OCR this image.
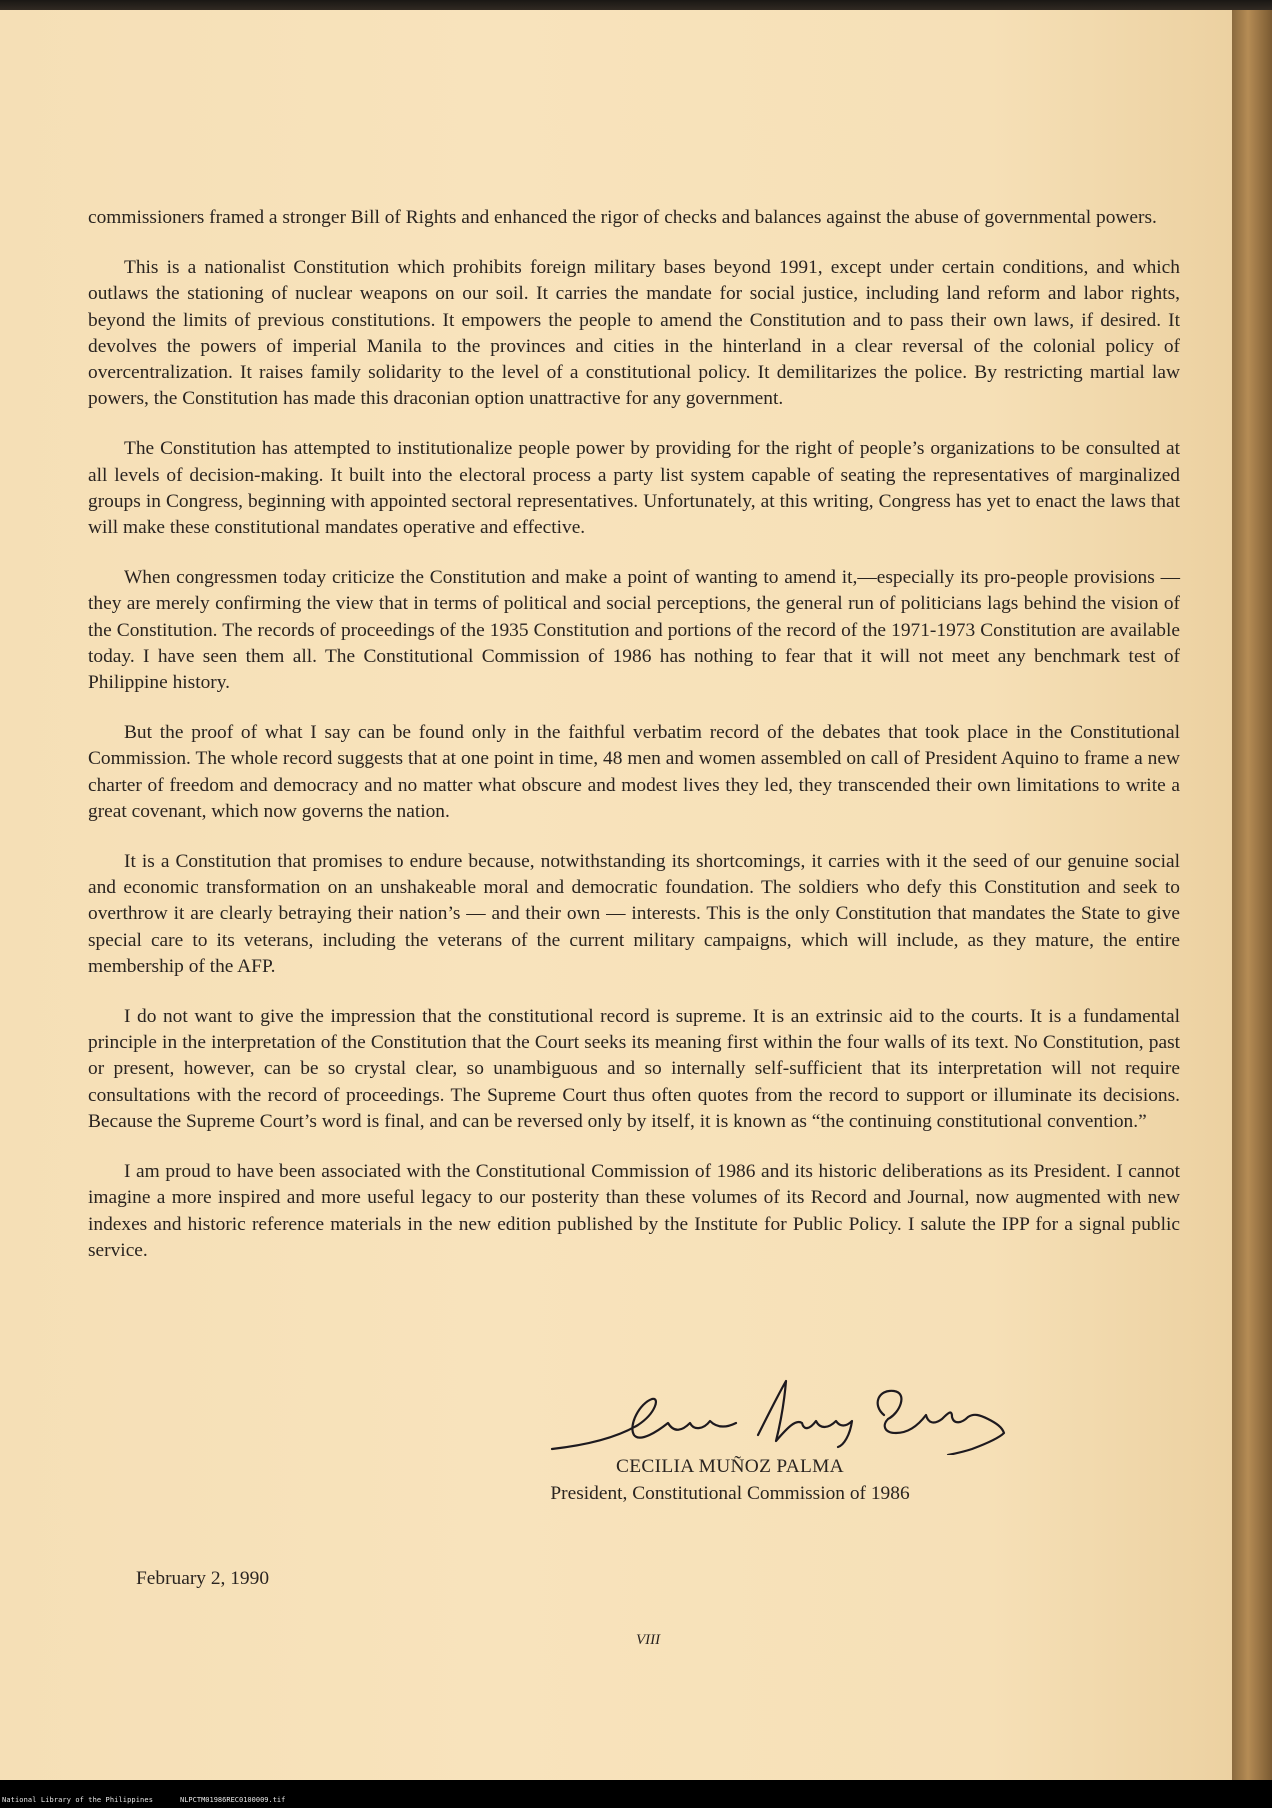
commissioners framed a stronger Bill of Rights and enhanced the rigor of checks and balances against the abuse of governmental powers.

This is a nationalist Constitution which prohibits foreign military bases beyond 1991, except under certain conditions, and which outlaws the stationing of nuclear weapons on our soil. It carries the mandate for social justice, including land reform and labor rights, beyond the limits of previous constitutions. It empowers the people to amend the Constitution and to pass their own laws, if desired. It devolves the powers of imperial Manila to the provinces and cities in the hinterland in a clear reversal of the colonial policy of overcentralization. It raises family solidarity to the level of a constitutional policy. It demilitarizes the police. By restricting martial law powers, the Constitution has made this draconian option unattractive for any government.

The Constitution has attempted to institutionalize people power by providing for the right of people’s organizations to be consulted at all levels of decision-making. It built into the electoral process a party list system capable of seating the representatives of marginalized groups in Congress, beginning with appointed sectoral representatives. Unfortunately, at this writing, Congress has yet to enact the laws that will make these constitutional mandates operative and effective.

When congressmen today criticize the Constitution and make a point of wanting to amend it,—especially its pro-people provisions — they are merely confirming the view that in terms of political and social perceptions, the general run of politicians lags behind the vision of the Constitution. The records of proceedings of the 1935 Constitution and portions of the record of the 1971-1973 Constitution are available today. I have seen them all. The Constitutional Commission of 1986 has nothing to fear that it will not meet any benchmark test of Philippine history.

But the proof of what I say can be found only in the faithful verbatim record of the debates that took place in the Constitutional Commission. The whole record suggests that at one point in time, 48 men and women assembled on call of President Aquino to frame a new charter of freedom and democracy and no matter what obscure and modest lives they led, they transcended their own limitations to write a great covenant, which now governs the nation.

It is a Constitution that promises to endure because, notwithstanding its shortcomings, it carries with it the seed of our genuine social and economic transformation on an unshakeable moral and democratic foundation. The soldiers who defy this Constitution and seek to overthrow it are clearly betraying their nation’s — and their own — interests. This is the only Constitution that mandates the State to give special care to its veterans, including the veterans of the current military campaigns, which will include, as they mature, the entire membership of the AFP.

I do not want to give the impression that the constitutional record is supreme. It is an extrinsic aid to the courts. It is a fundamental principle in the interpretation of the Constitution that the Court seeks its meaning first within the four walls of its text. No Constitution, past or present, however, can be so crystal clear, so unambiguous and so internally self-sufficient that its interpretation will not require consultations with the record of proceedings. The Supreme Court thus often quotes from the record to support or illuminate its decisions. Because the Supreme Court’s word is final, and can be reversed only by itself, it is known as “the continuing constitutional convention.”

I am proud to have been associated with the Constitutional Commission of 1986 and its historic deliberations as its President. I cannot imagine a more inspired and more useful legacy to our posterity than these volumes of its Record and Journal, now augmented with new indexes and historic reference materials in the new edition published by the Institute for Public Policy. I salute the IPP for a signal public service.

CECILIA MUÑOZ PALMA
President, Constitutional Commission of 1986
February 2, 1990
VIII
National Library of the Philippines	NLPCTM01986REC0100009.tif
